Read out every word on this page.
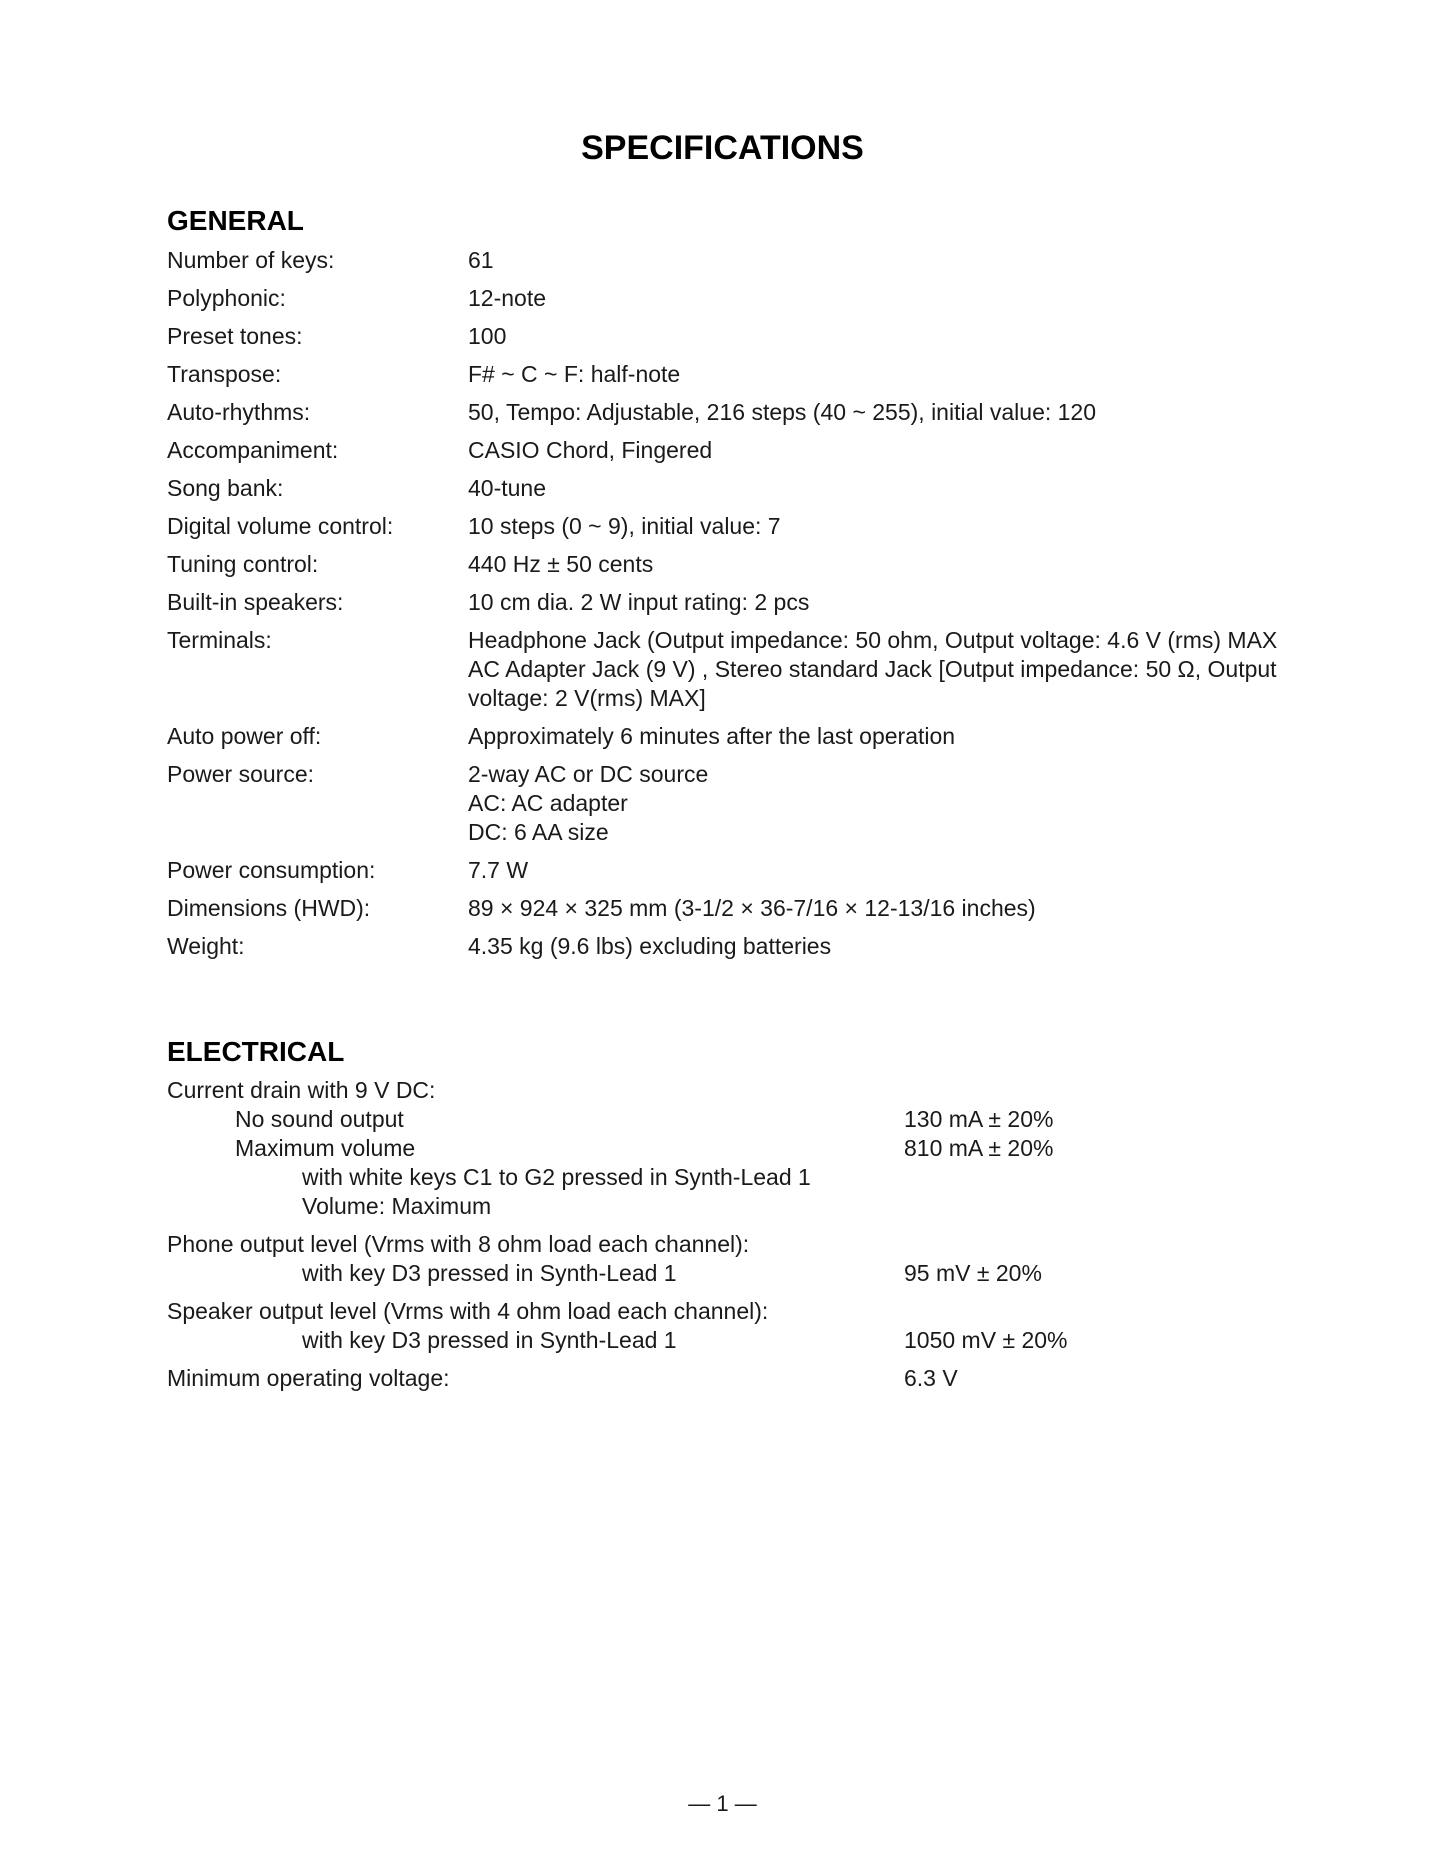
SPECIFICATIONS
GENERAL
Number of keys:	61
Polyphonic:	12-note
Preset tones:	100
Transpose:	F# ~ C ~ F: half-note
Auto-rhythms:	50, Tempo: Adjustable, 216 steps (40 ~ 255), initial value: 120
Accompaniment:	CASIO Chord, Fingered
Song bank:	40-tune
Digital volume control:	10 steps (0 ~ 9), initial value: 7
Tuning control:	440 Hz ± 50 cents
Built-in speakers:	10 cm dia. 2 W input rating: 2 pcs
Terminals:	Headphone Jack (Output impedance: 50 ohm, Output voltage: 4.6 V (rms) MAX
AC Adapter Jack (9 V) , Stereo standard Jack [Output impedance: 50 Ω, Output
voltage: 2 V(rms) MAX]
Auto power off:	Approximately 6 minutes after the last operation
Power source:	2-way AC or DC source
AC: AC adapter
DC: 6 AA size
Power consumption:	7.7 W
Dimensions (HWD):	89 × 924 × 325 mm (3-1/2 × 36-7/16 × 12-13/16 inches)
Weight:	4.35 kg (9.6 lbs) excluding batteries
ELECTRICAL
Current drain with 9 V DC:
No sound output	130 mA ± 20%
Maximum volume	810 mA ± 20%
with white keys C1 to G2 pressed in Synth-Lead 1
Volume: Maximum
Phone output level (Vrms with 8 ohm load each channel):
with key D3 pressed in Synth-Lead 1	95 mV ± 20%
Speaker output level (Vrms with 4 ohm load each channel):
with key D3 pressed in Synth-Lead 1	1050 mV ± 20%
Minimum operating voltage:	6.3 V
— 1 —
